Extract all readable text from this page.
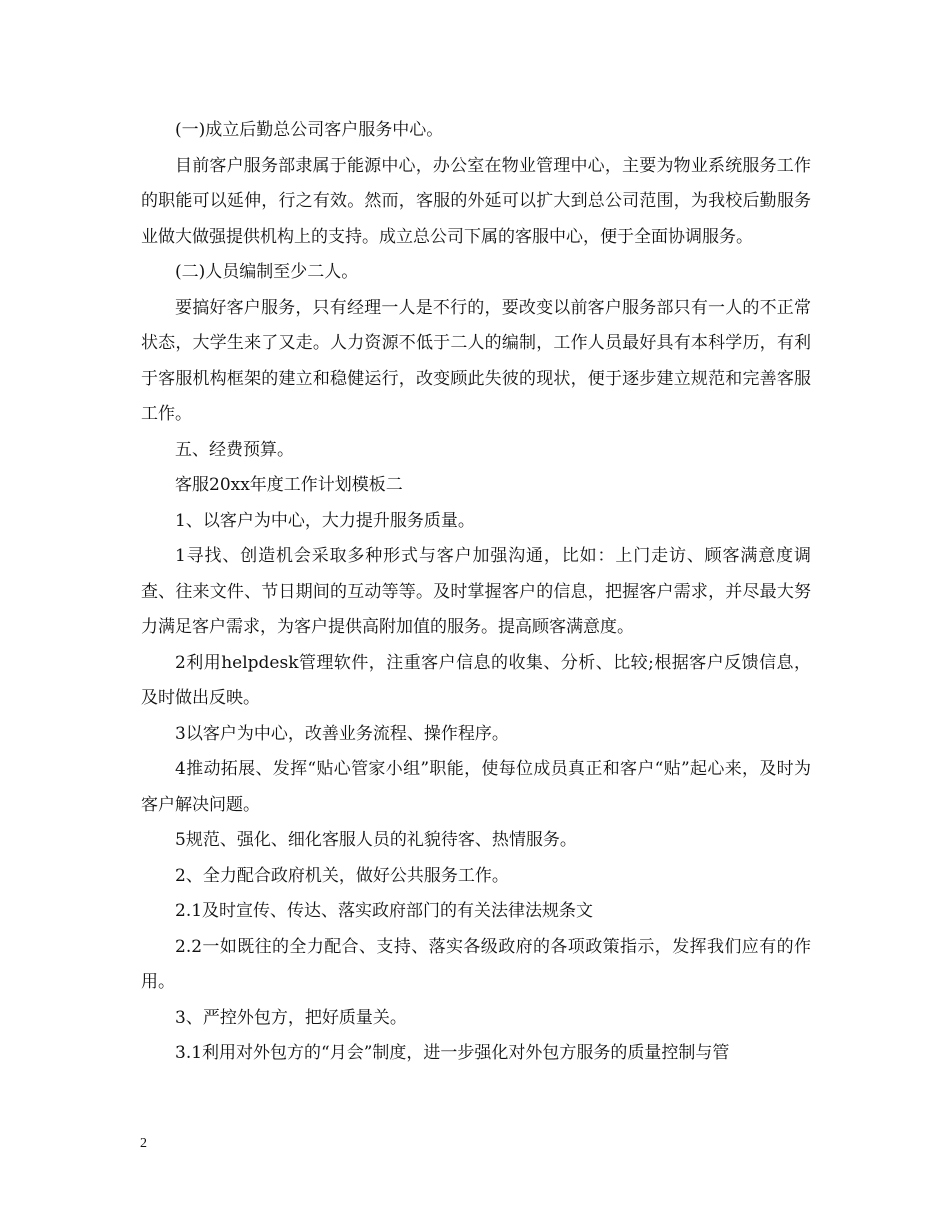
(一)成立后勤总公司客户服务中心。

目前客户服务部隶属于能源中心，办公室在物业管理中心，主要为物业系统服务工作的职能可以延伸，行之有效。然而，客服的外延可以扩大到总公司范围，为我校后勤服务业做大做强提供机构上的支持。成立总公司下属的客服中心，便于全面协调服务。

(二)人员编制至少二人。

要搞好客户服务，只有经理一人是不行的，要改变以前客户服务部只有一人的不正常状态，大学生来了又走。人力资源不低于二人的编制，工作人员最好具有本科学历，有利于客服机构框架的建立和稳健运行，改变顾此失彼的现状，便于逐步建立规范和完善客服工作。

五、经费预算。

客服20xx年度工作计划模板二

1、以客户为中心，大力提升服务质量。

1寻找、创造机会采取多种形式与客户加强沟通，比如：上门走访、顾客满意度调查、往来文件、节日期间的互动等等。及时掌握客户的信息，把握客户需求，并尽最大努力满足客户需求，为客户提供高附加值的服务。提高顾客满意度。

2利用helpdesk管理软件，注重客户信息的收集、分析、比较;根据客户反馈信息，及时做出反映。

3以客户为中心，改善业务流程、操作程序。

4推动拓展、发挥“贴心管家小组”职能，使每位成员真正和客户“贴”起心来，及时为客户解决问题。

5规范、强化、细化客服人员的礼貌待客、热情服务。

2、全力配合政府机关，做好公共服务工作。

2.1及时宣传、传达、落实政府部门的有关法律法规条文

2.2一如既往的全力配合、支持、落实各级政府的各项政策指示，发挥我们应有的作用。

3、严控外包方，把好质量关。

3.1利用对外包方的“月会”制度，进一步强化对外包方服务的质量控制与管

2
